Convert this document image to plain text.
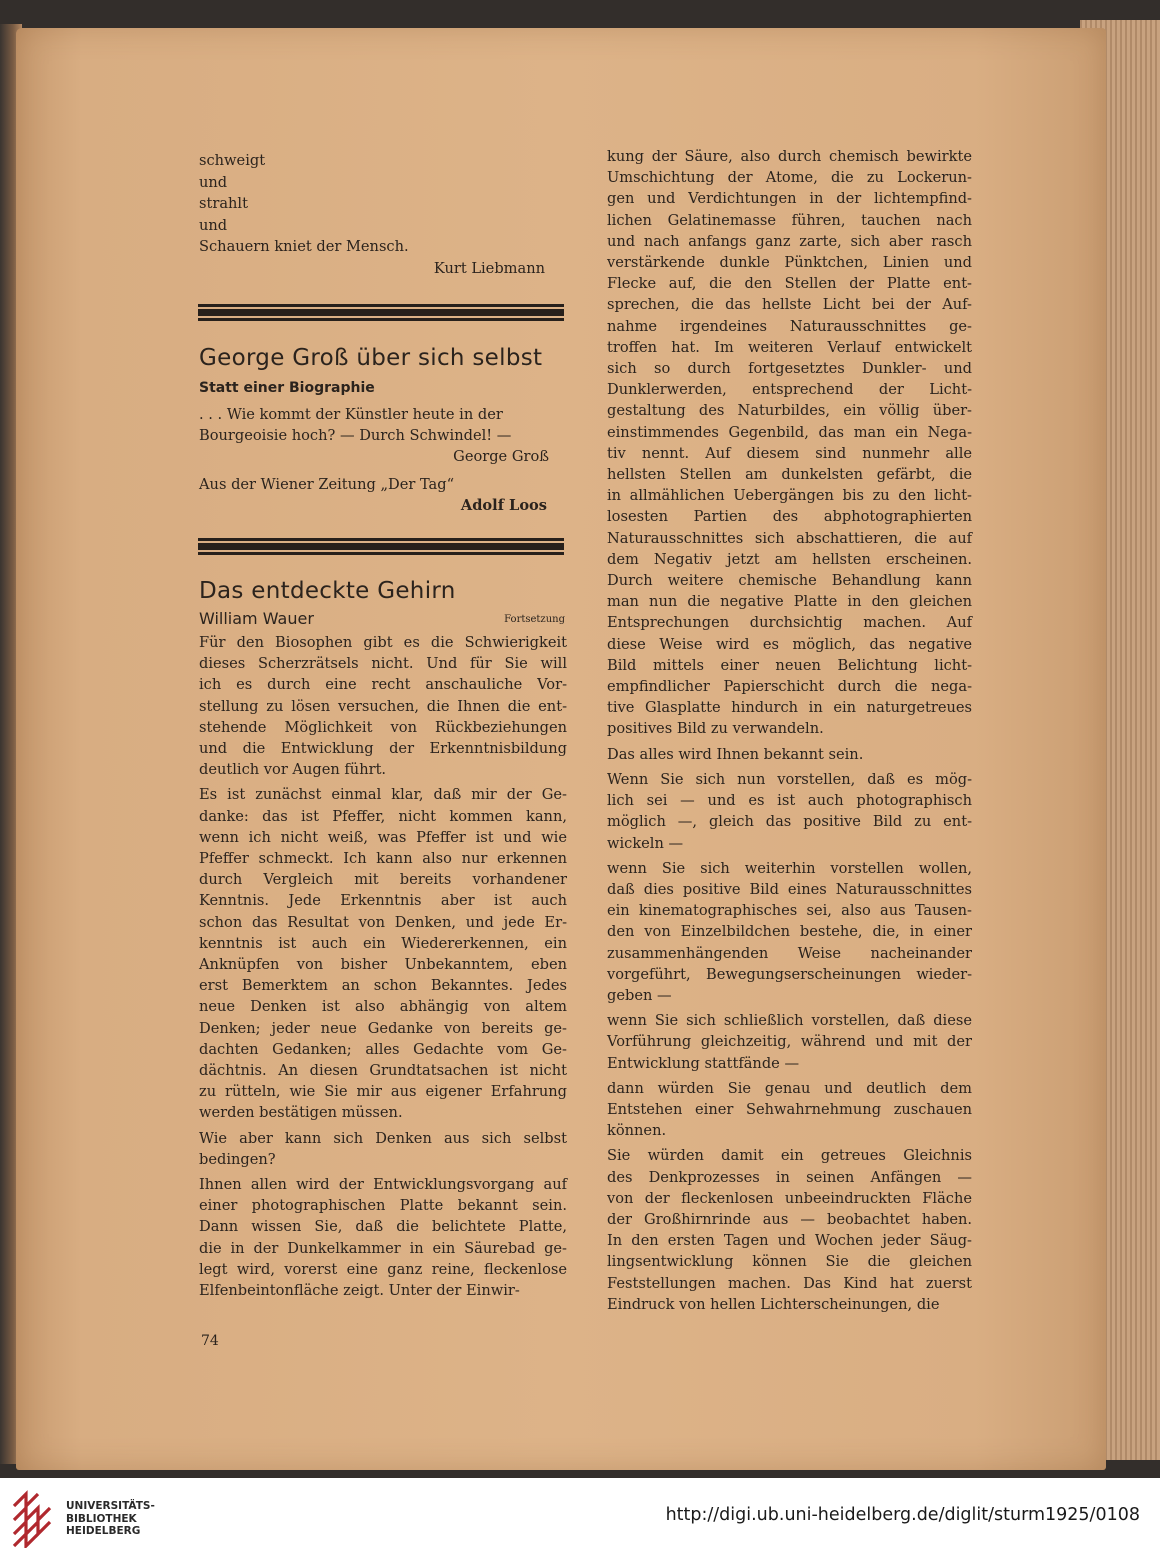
schweigt
und
strahlt
und
Schauern kniet der Mensch.
Kurt Liebmann
George Groß über sich selbst
Statt einer Biographie
. . . Wie kommt der Künstler heute in der
Bourgeoisie hoch? — Durch Schwindel! —
George Groß
Aus der Wiener Zeitung „Der Tag“
Adolf Loos
Das entdeckte Gehirn
William Wauer	Fortsetzung

Für den Biosophen gibt es die Schwierigkeit
dieses Scherzrätsels nicht. Und für Sie will
ich es durch eine recht anschauliche Vor-
stellung zu lösen versuchen, die Ihnen die ent-
stehende Möglichkeit von Rückbeziehungen
und die Entwicklung der Erkenntnisbildung
deutlich vor Augen führt.

Es ist zunächst einmal klar, daß mir der Ge-
danke: das ist Pfeffer, nicht kommen kann,
wenn ich nicht weiß, was Pfeffer ist und wie
Pfeffer schmeckt. Ich kann also nur erkennen
durch Vergleich mit bereits vorhandener
Kenntnis. Jede Erkenntnis aber ist auch
schon das Resultat von Denken, und jede Er-
kenntnis ist auch ein Wiedererkennen, ein
Anknüpfen von bisher Unbekanntem, eben
erst Bemerktem an schon Bekanntes. Jedes
neue Denken ist also abhängig von altem
Denken; jeder neue Gedanke von bereits ge-
dachten Gedanken; alles Gedachte vom Ge-
dächtnis. An diesen Grundtatsachen ist nicht
zu rütteln, wie Sie mir aus eigener Erfahrung
werden bestätigen müssen.

Wie aber kann sich Denken aus sich selbst
bedingen?

Ihnen allen wird der Entwicklungsvorgang auf
einer photographischen Platte bekannt sein.
Dann wissen Sie, daß die belichtete Platte,
die in der Dunkelkammer in ein Säurebad ge-
legt wird, vorerst eine ganz reine, fleckenlose
Elfenbeintonfläche zeigt. Unter der Einwir-

kung der Säure, also durch chemisch bewirkte
Umschichtung der Atome, die zu Lockerun-
gen und Verdichtungen in der lichtempfind-
lichen Gelatinemasse führen, tauchen nach
und nach anfangs ganz zarte, sich aber rasch
verstärkende dunkle Pünktchen, Linien und
Flecke auf, die den Stellen der Platte ent-
sprechen, die das hellste Licht bei der Auf-
nahme irgendeines Naturausschnittes ge-
troffen hat. Im weiteren Verlauf entwickelt
sich so durch fortgesetztes Dunkler- und
Dunklerwerden, entsprechend der Licht-
gestaltung des Naturbildes, ein völlig über-
einstimmendes Gegenbild, das man ein Nega-
tiv nennt. Auf diesem sind nunmehr alle
hellsten Stellen am dunkelsten gefärbt, die
in allmählichen Uebergängen bis zu den licht-
losesten Partien des abphotographierten
Naturausschnittes sich abschattieren, die auf
dem Negativ jetzt am hellsten erscheinen.
Durch weitere chemische Behandlung kann
man nun die negative Platte in den gleichen
Entsprechungen durchsichtig machen. Auf
diese Weise wird es möglich, das negative
Bild mittels einer neuen Belichtung licht-
empfindlicher Papierschicht durch die nega-
tive Glasplatte hindurch in ein naturgetreues
positives Bild zu verwandeln.

Das alles wird Ihnen bekannt sein.

Wenn Sie sich nun vorstellen, daß es mög-
lich sei — und es ist auch photographisch
möglich —, gleich das positive Bild zu ent-
wickeln —

wenn Sie sich weiterhin vorstellen wollen,
daß dies positive Bild eines Naturausschnittes
ein kinematographisches sei, also aus Tausen-
den von Einzelbildchen bestehe, die, in einer
zusammenhängenden Weise nacheinander
vorgeführt, Bewegungserscheinungen wieder-
geben —

wenn Sie sich schließlich vorstellen, daß diese
Vorführung gleichzeitig, während und mit der
Entwicklung stattfände —

dann würden Sie genau und deutlich dem
Entstehen einer Sehwahrnehmung zuschauen
können.

Sie würden damit ein getreues Gleichnis
des Denkprozesses in seinen Anfängen —
von der fleckenlosen unbeeindruckten Fläche
der Großhirnrinde aus — beobachtet haben.
In den ersten Tagen und Wochen jeder Säug-
lingsentwicklung können Sie die gleichen
Feststellungen machen. Das Kind hat zuerst
Eindruck von hellen Lichterscheinungen, die

74
UNIVERSITÄTS-
BIBLIOTHEK
HEIDELBERG
http://digi.ub.uni-heidelberg.de/diglit/sturm1925/0108
